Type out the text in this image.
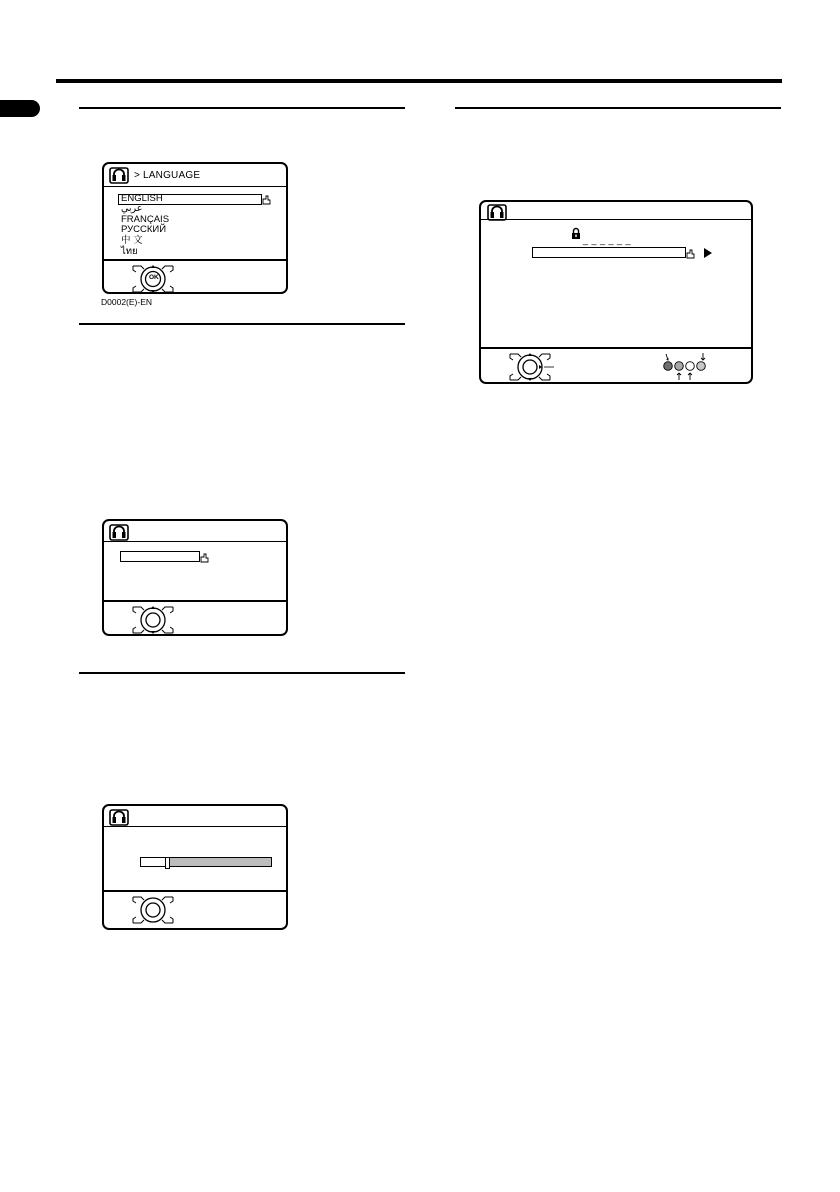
> LANGUAGE
ENGLISH
عربي
FRANÇAIS
РУССКИЙ
中 文
ไทย
OK
D0002(E)-EN
_ _ _ _ _ _
